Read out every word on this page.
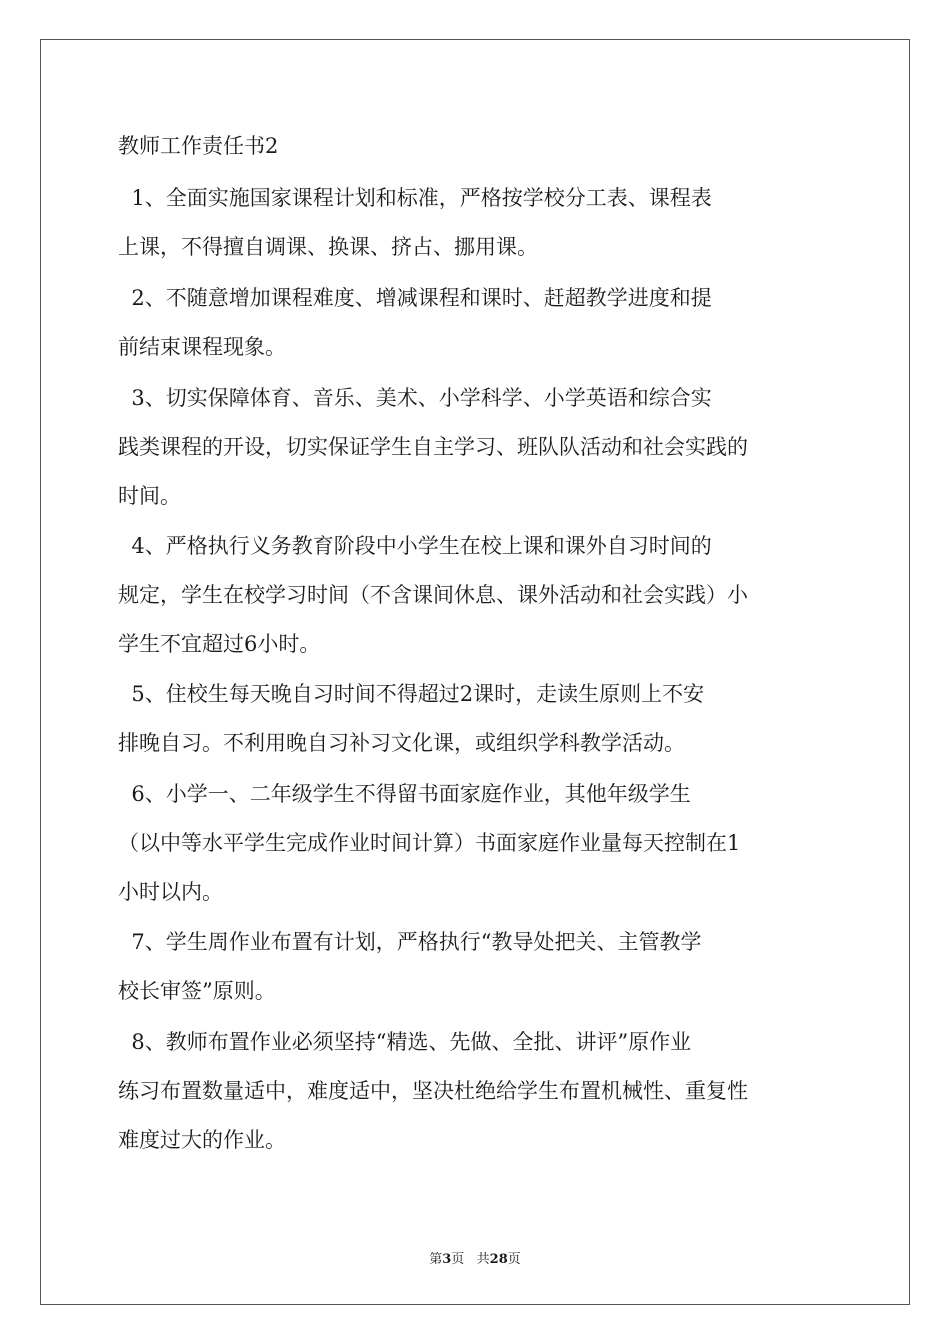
教师工作责任书2
1、全面实施国家课程计划和标准，严格按学校分工表、课程表
上课，不得擅自调课、换课、挤占、挪用课。
2、不随意增加课程难度、增减课程和课时、赶超教学进度和提
前结束课程现象。
3、切实保障体育、音乐、美术、小学科学、小学英语和综合实
践类课程的开设，切实保证学生自主学习、班队队活动和社会实践的
时间。
4、严格执行义务教育阶段中小学生在校上课和课外自习时间的
规定，学生在校学习时间（不含课间休息、课外活动和社会实践）小
学生不宜超过6小时。
5、住校生每天晚自习时间不得超过2课时，走读生原则上不安
排晚自习。不利用晚自习补习文化课，或组织学科教学活动。
6、小学一、二年级学生不得留书面家庭作业，其他年级学生
（以中等水平学生完成作业时间计算）书面家庭作业量每天控制在1
小时以内。
7、学生周作业布置有计划，严格执行“教导处把关、主管教学
校长审签”原则。
8、教师布置作业必须坚持“精选、先做、全批、讲评”原作业
练习布置数量适中，难度适中，坚决杜绝给学生布置机械性、重复性
难度过大的作业。
第3页   共28页
